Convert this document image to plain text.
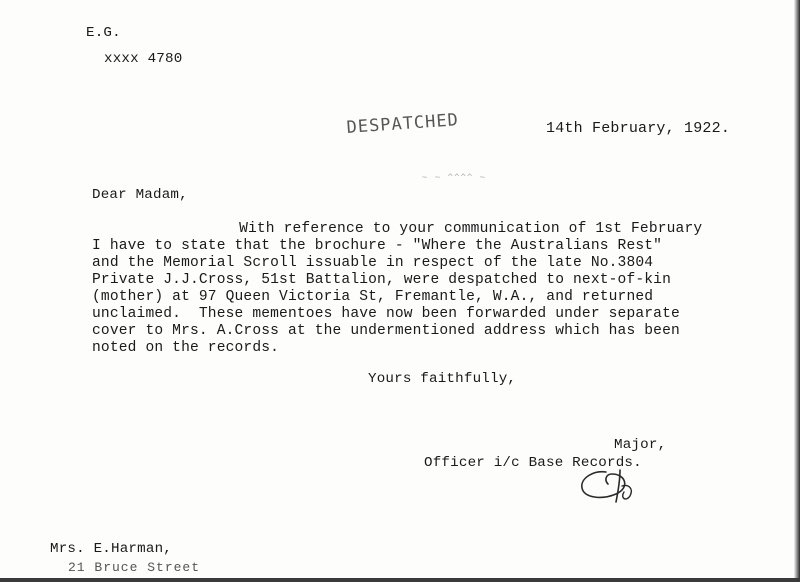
E.G.
xxxx 4780
DESPATCHED
~ ~ ^^^^ ~
14th February, 1922.
Dear Madam,
With reference to your communication of 1st February
I have to state that the brochure - "Where the Australians Rest"
and the Memorial Scroll issuable in respect of the late No.3804
Private J.J.Cross, 51st Battalion, were despatched to next-of-kin
(mother) at 97 Queen Victoria St, Fremantle, W.A., and returned
unclaimed.  These mementoes have now been forwarded under separate
cover to Mrs. A.Cross at the undermentioned address which has been
noted on the records.
Yours faithfully,
Major,
Officer i/c Base Records.
Mrs. E.Harman,
21 Bruce Street
